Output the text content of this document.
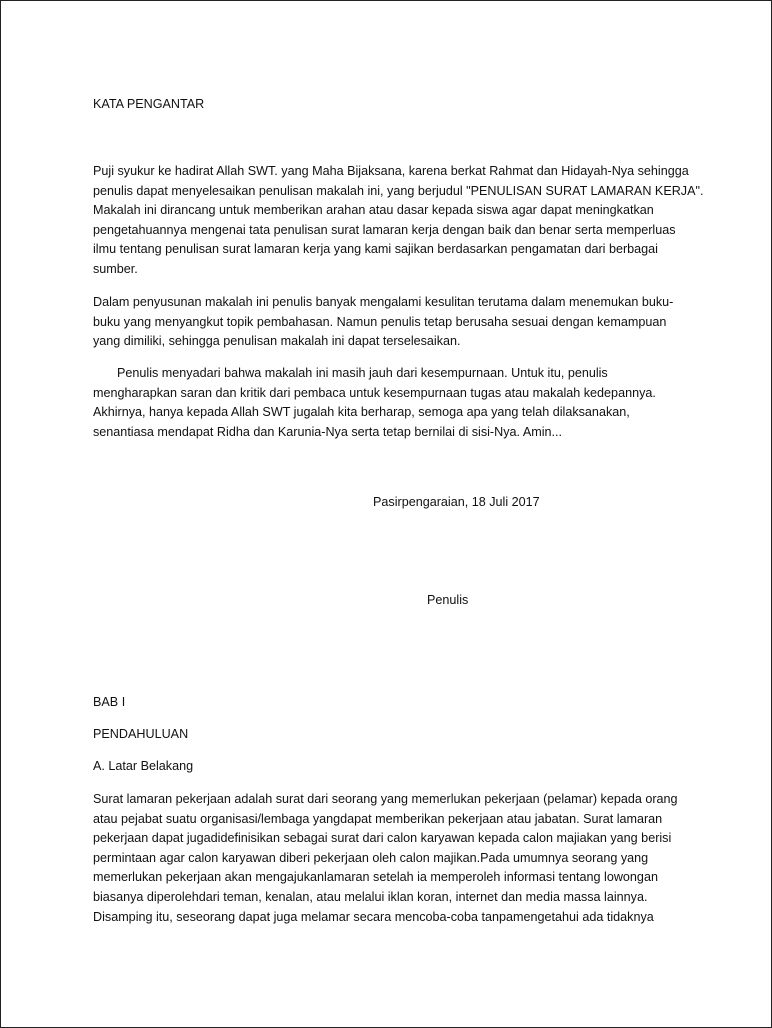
KATA PENGANTAR
Puji syukur ke hadirat Allah SWT. yang Maha Bijaksana, karena berkat Rahmat dan Hidayah-Nya sehingga
penulis dapat menyelesaikan penulisan makalah ini, yang berjudul "PENULISAN SURAT LAMARAN KERJA".
Makalah ini dirancang untuk memberikan arahan atau dasar kepada siswa agar dapat meningkatkan
pengetahuannya mengenai tata penulisan surat lamaran kerja dengan baik dan benar serta memperluas
ilmu tentang penulisan surat lamaran kerja yang kami sajikan berdasarkan pengamatan dari berbagai
sumber.
Dalam penyusunan makalah ini penulis banyak mengalami kesulitan terutama dalam menemukan buku-
buku yang menyangkut topik pembahasan. Namun penulis tetap berusaha sesuai dengan kemampuan
yang dimiliki, sehingga penulisan makalah ini dapat terselesaikan.
Penulis menyadari bahwa makalah ini masih jauh dari kesempurnaan. Untuk itu, penulis
mengharapkan saran dan kritik dari pembaca untuk kesempurnaan tugas atau makalah kedepannya.
Akhirnya, hanya kepada Allah SWT jugalah kita berharap, semoga apa yang telah dilaksanakan,
senantiasa mendapat Ridha dan Karunia-Nya serta tetap bernilai di sisi-Nya. Amin...
Pasirpengaraian, 18 Juli 2017
Penulis
BAB I
PENDAHULUAN
A. Latar Belakang
Surat lamaran pekerjaan adalah surat dari seorang yang memerlukan pekerjaan (pelamar) kepada orang
atau pejabat suatu organisasi/lembaga yangdapat memberikan pekerjaan atau jabatan. Surat lamaran
pekerjaan dapat jugadidefinisikan sebagai surat dari calon karyawan kepada calon majiakan yang berisi
permintaan agar calon karyawan diberi pekerjaan oleh calon majikan.Pada umumnya seorang yang
memerlukan pekerjaan akan mengajukanlamaran setelah ia memperoleh informasi tentang lowongan
biasanya diperolehdari teman, kenalan, atau melalui iklan koran, internet dan media massa lainnya.
Disamping itu, seseorang dapat juga melamar secara mencoba-coba tanpamengetahui ada tidaknya
